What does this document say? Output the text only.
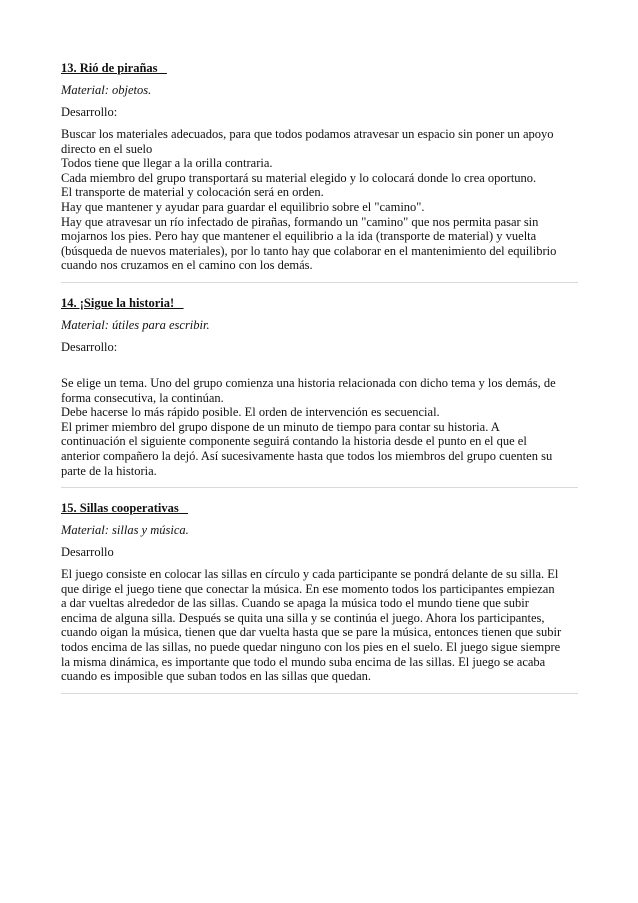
13. Rió de pirañas
Material: objetos.
Desarrollo:

Buscar los materiales adecuados, para que todos podamos atravesar un espacio sin poner un apoyo
directo en el suelo
Todos tiene que llegar a la orilla contraria.
Cada miembro del grupo transportará su material elegido y lo colocará donde lo crea oportuno.
El transporte de material y colocación será en orden.
Hay que mantener y ayudar para guardar el equilibrio sobre el "camino".
Hay que atravesar un río infectado de pirañas, formando un "camino" que nos permita pasar sin
mojarnos los pies. Pero hay que mantener el equilibrio a la ida (transporte de material) y vuelta
(búsqueda de nuevos materiales), por lo tanto hay que colaborar en el mantenimiento del equilibrio
cuando nos cruzamos en el camino con los demás.

14. ¡Sigue la historia!
Material: útiles para escribir.
Desarrollo:

Se elige un tema. Uno del grupo comienza una historia relacionada con dicho tema y los demás, de
forma consecutiva, la continúan.
Debe hacerse lo más rápido posible. El orden de intervención es secuencial.
El primer miembro del grupo dispone de un minuto de tiempo para contar su historia. A
continuación el siguiente componente seguirá contando la historia desde el punto en el que el
anterior compañero la dejó. Así sucesivamente hasta que todos los miembros del grupo cuenten su
parte de la historia.

15. Sillas cooperativas
Material: sillas y música.
Desarrollo

El juego consiste en colocar las sillas en círculo y cada participante se pondrá delante de su silla. El
que dirige el juego tiene que conectar la música. En ese momento todos los participantes empiezan
a dar vueltas alrededor de las sillas. Cuando se apaga la música todo el mundo tiene que subir
encima de alguna silla. Después se quita una silla y se continúa el juego. Ahora los participantes,
cuando oigan la música, tienen que dar vuelta hasta que se pare la música, entonces tienen que subir
todos encima de las sillas, no puede quedar ninguno con los pies en el suelo. El juego sigue siempre
la misma dinámica, es importante que todo el mundo suba encima de las sillas. El juego se acaba
cuando es imposible que suban todos en las sillas que quedan.
